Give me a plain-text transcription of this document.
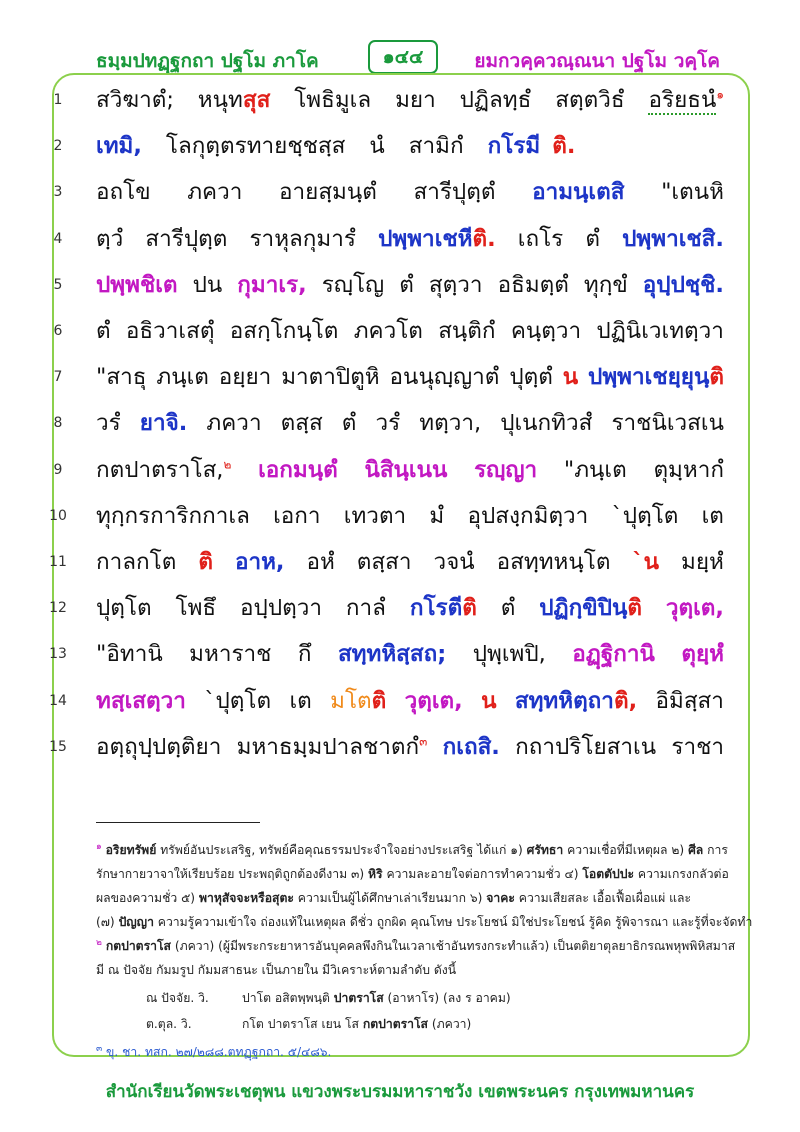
ธมฺมปทฏฺฐกถา ปฐโม ภาโค	๑๔๔	ยมกวคฺควณฺณนา ปฐโม วคฺโค
1	สวิฆาตํ; หนุทสุส โพธิมูเล มยา ปฏิลทฺธํ สตฺตวิธํ อริยธนํ$^๑$
2	เทมิ,	โลกุตฺตรทายชฺชสฺส	นํ	สามิกํ	กโรมี ติ.
3	อถโข ภควา อายสฺมนฺตํ สารีปุตฺตํ อามนฺเตสิ "เตนหิ
4	ตฺวํ สารีปุตฺต ราหุลกุมารํ ปพฺพาเชหีติ. เถโร ตํ ปพฺพาเชสิ.
5	ปพฺพชิเต ปน กุมาเร, รญฺโญ ตํ สุตฺวา อธิมตฺตํ ทุกฺขํ อุปฺปชฺชิ.
6	ตํ อธิวาเสตุํ อสกฺโกนฺโต ภควโต สนฺติกํ คนฺตฺวา ปฏินิเวเทตฺวา
7	"สาธุ ภนฺเต อยฺยา มาตาปิตูหิ อนนุญฺญาตํ ปุตฺตํ น ปพฺพาเชยฺยุนฺติ
8	วรํ ยาจิ. ภควา ตสฺส ตํ วรํ ทตฺวา, ปุเนกทิวสํ ราชนิเวสเน
9	กตปาตราโส,$^๒$ เอกมนฺตํ นิสินฺเนน รญฺญา "ภนฺเต ตุมฺหากํ
10	ทุกฺกรการิกกาเล เอกา เทวตา มํ อุปสงฺกมิตฺวา `ปุตฺโต เต
11	กาลกโต ติ อาห, อหํ ตสฺสา วจนํ อสทฺทหนฺโต `น มยฺหํ
12	ปุตฺโต โพธึ อปฺปตฺวา กาลํ กโรตีติ ตํ ปฏิกฺขิปินฺติ วุตฺเต,
13	"อิทานิ มหาราช กึ สทฺทหิสฺสถ; ปุพฺเพปิ, อฏฺฐิกานิ ตุยฺหํ
14	ทสฺเสตฺวา `ปุตฺโต เต มโตติ วุตฺเต, น สทฺทหิตฺถาติ, อิมิสฺสา
15	อตฺถุปฺปตฺติยา มหาธมฺมปาลชาตกํ$^๓$ กเถสิ. กถาปริโยสาเน ราชา
$^๑$ อริยทรัพย์ ทรัพย์อันประเสริฐ, ทรัพย์คือคุณธรรมประจำใจอย่างประเสริฐ ได้แก่ ๑) ศรัทธา ความเชื่อที่มีเหตุผล ๒) ศีล การ
รักษากายวาจาให้เรียบร้อย ประพฤติถูกต้องดีงาม ๓) หิริ ความละอายใจต่อการทำความชั่ว ๔) โอตตัปปะ ความเกรงกลัวต่อ
ผลของความชั่ว ๕) พาหุสัจจะหรือสุตะ ความเป็นผู้ได้ศึกษาเล่าเรียนมาก ๖) จาคะ ความเสียสละ เอื้อเฟื้อเผื่อแผ่ และ
(๗) ปัญญา ความรู้ความเข้าใจ ถ่องแท้ในเหตุผล ดีชั่ว ถูกผิด คุณโทษ ประโยชน์ มิใช่ประโยชน์ รู้คิด รู้พิจารณา และรู้ที่จะจัดทำ
$^๒$ กตปาตราโส (ภควา) (ผู้มีพระกระยาหารอันบุคคลพึงกินในเวลาเช้าอันทรงกระทำแล้ว) เป็นตติยาตุลยาธิกรณพหุพพิหิสมาส
มี ณ ปัจจัย กัมมรูป กัมมสาธนะ เป็นภายใน มีวิเคราะห์ตามลำดับ ดังนี้
ณ ปัจจัย. วิ.	ปาโต อสิตพฺพนฺติ ปาตราโส (อาหาโร) (ลง ร อาคม)
ต.ตุล. วิ.	กโต ปาตราโส เยน โส กตปาตราโส (ภควา)
$^๓$ ขุ. ชา. ทสก. ๒๗/๒๘๘.ตทฏฺฐกถา. ๕/๔๘๖.
สำนักเรียนวัดพระเชตุพน แขวงพระบรมมหาราชวัง เขตพระนคร กรุงเทพมหานคร
